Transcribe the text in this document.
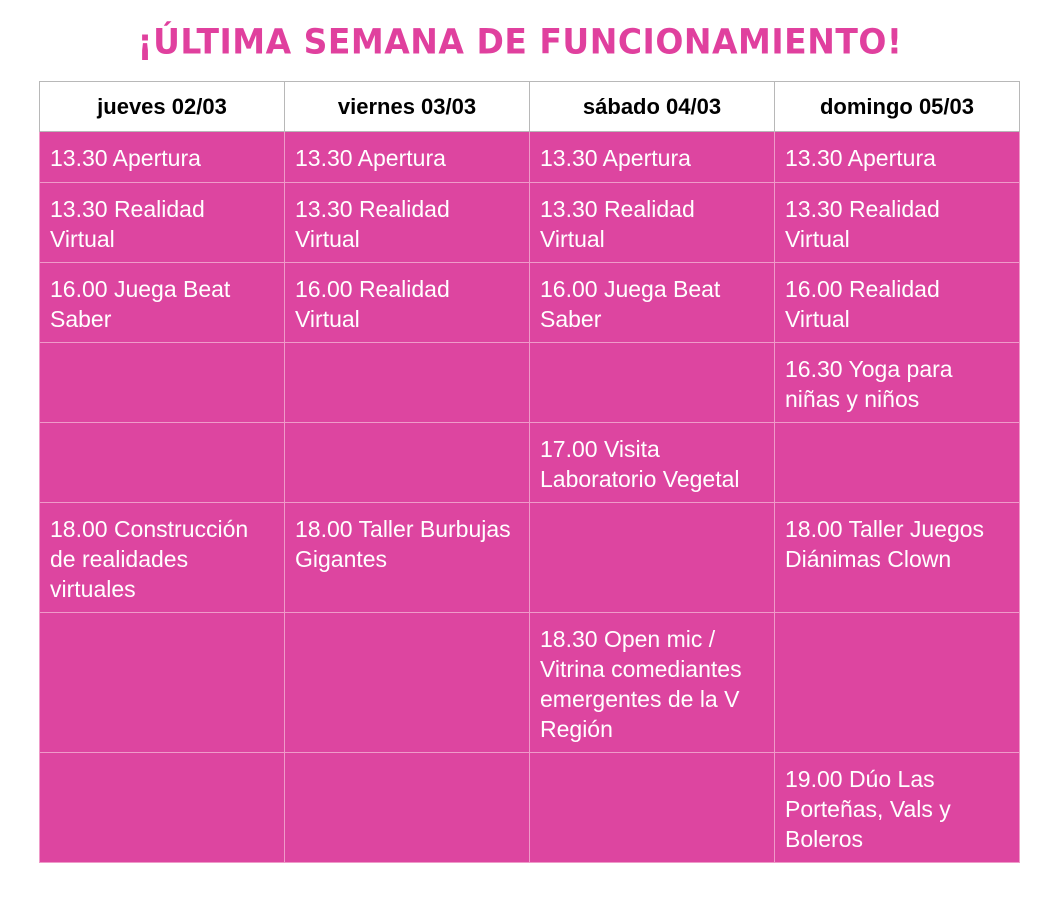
¡ÚLTIMA SEMANA DE FUNCIONAMIENTO!
jueves 02/03	viernes 03/03	sábado 04/03	domingo 05/03
13.30 Apertura	13.30 Apertura	13.30 Apertura	13.30 Apertura
13.30 Realidad Virtual	13.30 Realidad Virtual	13.30 Realidad Virtual	13.30 Realidad Virtual
16.00 Juega Beat Saber	16.00 Realidad Virtual	16.00 Juega Beat Saber	16.00 Realidad Virtual
			16.30 Yoga para niñas y niños
		17.00 Visita Laboratorio Vegetal	
18.00 Construcción de realidades virtuales	18.00 Taller Burbujas Gigantes		18.00 Taller Juegos Diánimas Clown
		18.30 Open mic / Vitrina comediantes emergentes de la V Región	
			19.00 Dúo Las Porteñas, Vals y Boleros
